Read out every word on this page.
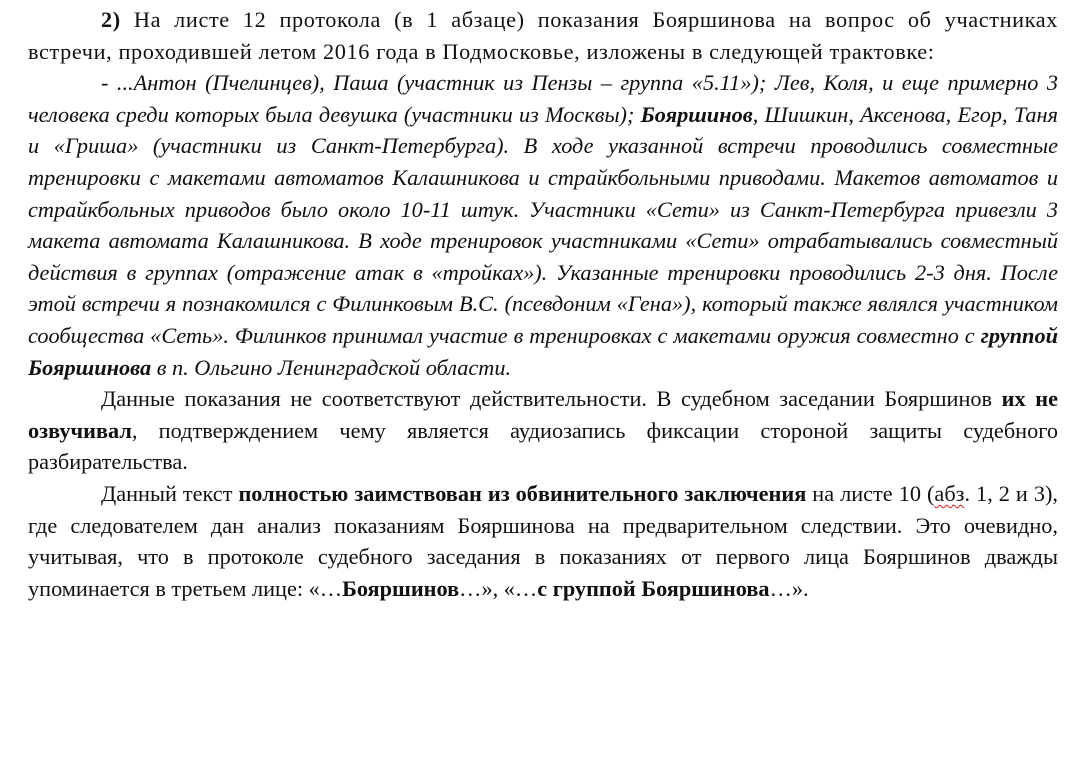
2) На листе 12 протокола (в 1 абзаце) показания Бояршинова на вопрос об участниках встречи, проходившей летом 2016 года в Подмосковье, изложены в следующей трактовке:

- ...Антон (Пчелинцев), Паша (участник из Пензы – группа «5.11»); Лев, Коля, и еще примерно 3 человека среди которых была девушка (участники из Москвы); Бояршинов, Шишкин, Аксенова, Егор, Таня и «Гриша» (участники из Санкт-Петербурга). В ходе указанной встречи проводились совместные тренировки с макетами автоматов Калашникова и страйкбольными приводами. Макетов автоматов и страйкбольных приводов было около 10-11 штук. Участники «Сети» из Санкт-Петербурга привезли 3 макета автомата Калашникова. В ходе тренировок участниками «Сети» отрабатывались совместный действия в группах (отражение атак в «тройках»). Указанные тренировки проводились 2-3 дня. После этой встречи я познакомился с Филинковым В.С. (псевдоним «Гена»), который также являлся участником сообщества «Сеть». Филинков принимал участие в тренировках с макетами оружия совместно с группой Бояршинова в п. Ольгино Ленинградской области.

Данные показания не соответствуют действительности. В судебном заседании Бояршинов их не озвучивал, подтверждением чему является аудиозапись фиксации стороной защиты судебного разбирательства.

Данный текст полностью заимствован из обвинительного заключения на листе 10 (абз. 1, 2 и 3), где следователем дан анализ показаниям Бояршинова на предварительном следствии. Это очевидно, учитывая, что в протоколе судебного заседания в показаниях от первого лица Бояршинов дважды упоминается в третьем лице: «…Бояршинов…», «…с группой Бояршинова…».
